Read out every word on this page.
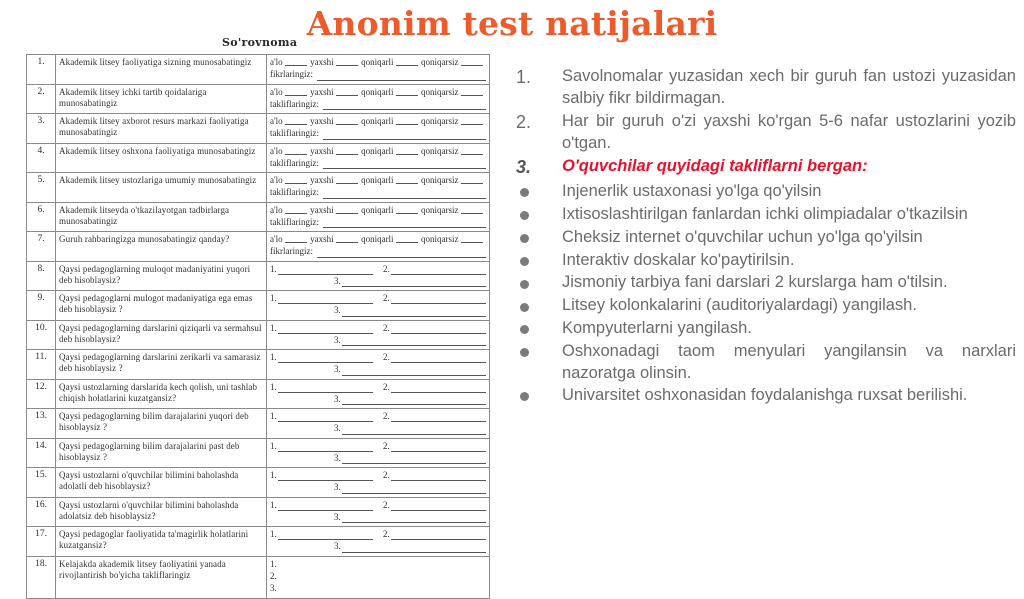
Anonim test natijalari
So'rovnoma
1.	Akademik litsey faoliyatiga sizning munosabatingiz	a'lo yaxshi qoniqarli qoniqarsiz
fikrlaringiz:

2.	Akademik litsey ichki tartib qoidalariga munosabatingiz	a'lo yaxshi qoniqarli qoniqarsiz
takliflaringiz:

3.	Akademik litsey axborot resurs markazi faoliyatiga munosabatingiz	a'lo yaxshi qoniqarli qoniqarsiz
takliflaringiz:

4.	Akademik litsey oshxona faoliyatiga munosabatingiz	a'lo yaxshi qoniqarli qoniqarsiz
takliflaringiz:

5.	Akademik litsey ustozlariga umumiy munosabatingiz	a'lo yaxshi qoniqarli qoniqarsiz
takliflaringiz:

6.	Akademik litseyda o'tkazilayotgan tadbirlarga munosabatingiz	a'lo yaxshi qoniqarli qoniqarsiz
takliflaringiz:

7.	Guruh rahbaringizga munosabatingiz qanday?	a'lo yaxshi qoniqarli qoniqarsiz
fikrlaringiz:

8.	Qaysi pedagoglarning muloqot madaniyatini yuqori deb hisoblaysiz?	1. 2.
3.

9.	Qaysi pedagoglarni mulogot madaniyatiga ega emas deb hisoblaysiz ?	1. 2.
3.

10.	Qaysi pedagoglarning darslarini qiziqarli va sermahsul deb hisoblaysiz?	1. 2.
3.

11.	Qaysi pedagoglarning darslarini zerikarli va samarasiz deb hisoblaysiz ?	1. 2.
3.

12.	Qaysi ustozlarning darslarida kech qolish, uni tashlab chiqish holatlarini kuzatgansiz?	1. 2.
3.

13.	Qaysi pedagoglarning bilim darajalarini yuqori deb hisoblaysiz ?	1. 2.
3.

14.	Qaysi pedagoglarning bilim darajalarini past deb hisoblaysiz ?	1. 2.
3.

15.	Qaysi ustozlarni o'quvchilar bilimini baholashda adolatli deb hisoblaysiz?	1. 2.
3.

16.	Qaysi ustozlarni o'quvchilar bilimini baholashda adolatsiz deb hisoblaysiz?	1. 2.
3.

17.	Qaysi pedagoglar faoliyatida ta'magirlik holatlarini kuzatgansiz?	1. 2.
3.

18.	Kelajakda akademik litsey faoliyatini yanada rivojlantirish bo'yicha takliflaringiz	1.
2.
3.
1.	Savolnomalar yuzasidan xech bir guruh fan ustozi yuzasidan salbiy fikr bildirmagan.
2.	Har bir guruh o'zi yaxshi ko'rgan 5-6 nafar ustozlarini yozib o'tgan.
3.	O'quvchilar quyidagi takliflarni bergan:
Injenerlik ustaxonasi yo'lga qo'yilsin
Ixtisoslashtirilgan fanlardan ichki olimpiadalar o'tkazilsin
Cheksiz internet o'quvchilar uchun yo'lga qo'yilsin
Interaktiv doskalar ko'paytirilsin.
Jismoniy tarbiya fani darslari 2 kurslarga ham o'tilsin.
Litsey kolonkalarini (auditoriyalardagi) yangilash.
Kompyuterlarni yangilash.
Oshxonadagi taom menyulari yangilansin va narxlari nazoratga olinsin.
Univarsitet oshxonasidan foydalanishga ruxsat berilishi.
